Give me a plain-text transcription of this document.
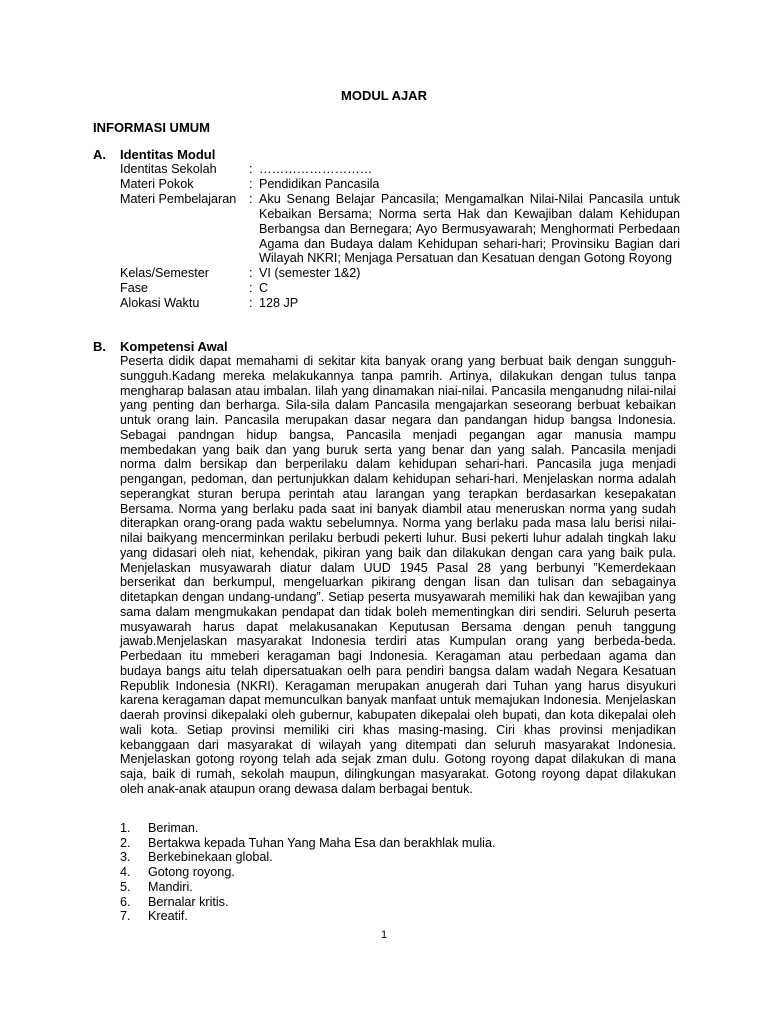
MODUL AJAR
INFORMASI UMUM
A. Identitas Modul
Identitas Sekolah	: ………………………
Materi Pokok	: Pendidikan Pancasila
Materi Pembelajaran	: Aku Senang Belajar Pancasila; Mengamalkan Nilai-Nilai Pancasila untuk Kebaikan Bersama; Norma serta Hak dan Kewajiban dalam Kehidupan Berbangsa dan Bernegara; Ayo Bermusyawarah; Menghormati Perbedaan Agama dan Budaya dalam Kehidupan sehari-hari; Provinsiku Bagian dari Wilayah NKRI; Menjaga Persatuan dan Kesatuan dengan Gotong Royong
Kelas/Semester	: VI (semester 1&2)
Fase	: C
Alokasi Waktu	: 128 JP
B. Kompetensi Awal

Peserta didik dapat memahami di sekitar kita banyak orang yang berbuat baik dengan sungguh-sungguh.Kadang mereka melakukannya tanpa pamrih. Artinya, dilakukan dengan tulus tanpa mengharap balasan atau imbalan. Iilah yang dinamakan niai-nilai. Pancasila menganudng nilai-nilai yang penting dan berharga. Sila-sila dalam Pancasila mengajarkan seseorang berbuat kebaikan untuk orang lain. Pancasila merupakan dasar negara dan pandangan hidup bangsa Indonesia. Sebagai pandngan hidup bangsa, Pancasila menjadi pegangan agar manusia mampu membedakan yang baik dan yang buruk serta yang benar dan yang salah. Pancasila menjadi norma dalm bersikap dan berperilaku dalam kehidupan sehari-hari. Pancasila juga menjadi pengangan, pedoman, dan pertunjukkan dalam kehidupan sehari-hari. Menjelaskan norma adalah seperangkat sturan berupa perintah atau larangan yang terapkan berdasarkan kesepakatan Bersama. Norma yang berlaku pada saat ini banyak diambil atau meneruskan norma yang sudah diterapkan orang-orang pada waktu sebelumnya. Norma yang berlaku pada masa lalu berisi nilai-nilai baikyang mencerminkan perilaku berbudi pekerti luhur. Busi pekerti luhur adalah tingkah laku yang didasari oleh niat, kehendak, pikiran yang baik dan dilakukan dengan cara yang baik pula. Menjelaskan musyawarah diatur dalam UUD 1945 Pasal 28 yang berbunyi ”Kemerdekaan berserikat dan berkumpul, mengeluarkan pikirang dengan lisan dan tulisan dan sebagainya ditetapkan dengan undang-undang”. Setiap peserta musyawarah memiliki hak dan kewajiban yang sama dalam mengmukakan pendapat dan tidak boleh mementingkan diri sendiri. Seluruh peserta musyawarah harus dapat melakusanakan Keputusan Bersama dengan penuh tanggung jawab.Menjelaskan masyarakat Indonesia terdiri atas Kumpulan orang yang berbeda-beda. Perbedaan itu mmeberi keragaman bagi Indonesia. Keragaman atau perbedaan agama dan budaya bangs aitu telah dipersatuakan oelh para pendiri bangsa dalam wadah Negara Kesatuan Republik Indonesia (NKRI). Keragaman merupakan anugerah dari Tuhan yang harus disyukuri karena keragaman dapat memunculkan banyak manfaat untuk memajukan Indonesia. Menjelaskan daerah provinsi dikepalaki oleh gubernur, kabupaten dikepalai oleh bupati, dan kota dikepalai oleh wali kota. Setiap provinsi memiliki ciri khas masing-masing. Ciri khas provinsi menjadikan kebanggaan dari masyarakat di wilayah yang ditempati dan seluruh masyarakat Indonesia. Menjelaskan gotong royong telah ada sejak zman dulu. Gotong royong dapat dilakukan di mana saja, baik di rumah, sekolah maupun, dilingkungan masyarakat. Gotong royong dapat dilakukan oleh anak-anak ataupun orang dewasa dalam berbagai bentuk.

1.	Beriman.
2.	Bertakwa kepada Tuhan Yang Maha Esa dan berakhlak mulia.
3.	Berkebinekaan global.
4.	Gotong royong.
5.	Mandiri.
6.	Bernalar kritis.
7.	Kreatif.
1
